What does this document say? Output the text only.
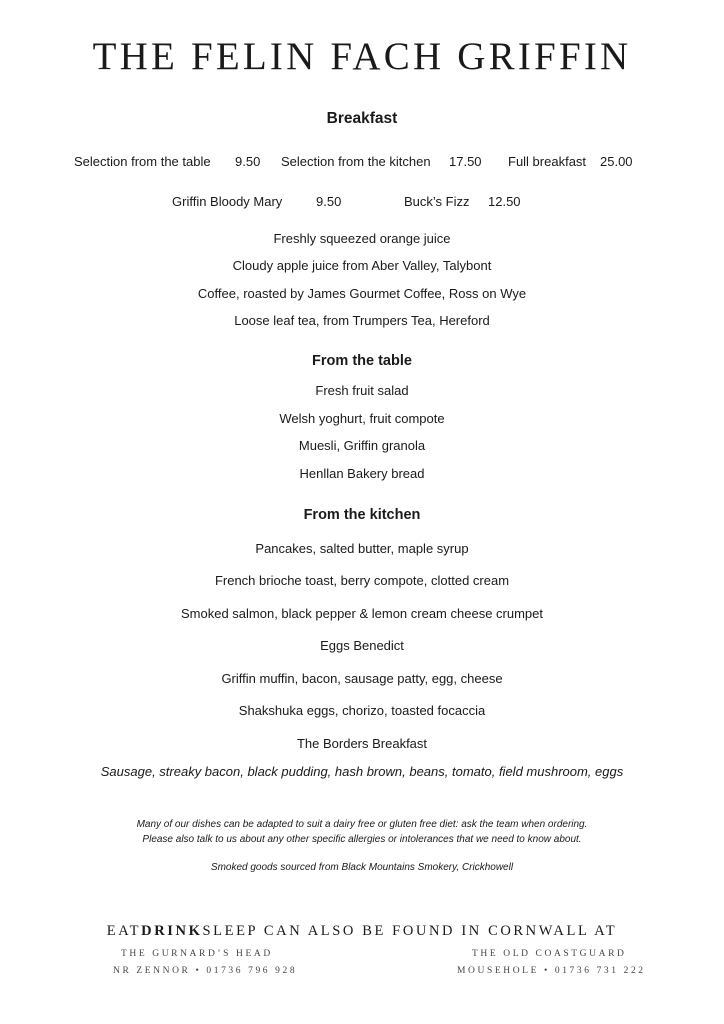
THE FELIN FACH GRIFFIN
Breakfast
Selection from the table 9.50 Selection from the kitchen 17.50 Full breakfast 25.00
Griffin Bloody Mary	9.50	Buck’s Fizz 12.50
Freshly squeezed orange juice
Cloudy apple juice from Aber Valley, Talybont
Coffee, roasted by James Gourmet Coffee, Ross on Wye
Loose leaf tea, from Trumpers Tea, Hereford
From the table
Fresh fruit salad
Welsh yoghurt, fruit compote
Muesli, Griffin granola
Henllan Bakery bread
From the kitchen
Pancakes, salted butter, maple syrup
French brioche toast, berry compote, clotted cream
Smoked salmon, black pepper & lemon cream cheese crumpet
Eggs Benedict
Griffin muffin, bacon, sausage patty, egg, cheese
Shakshuka eggs, chorizo, toasted focaccia
The Borders Breakfast
Sausage, streaky bacon, black pudding, hash brown, beans, tomato, field mushroom, eggs
Many of our dishes can be adapted to suit a dairy free or gluten free diet: ask the team when ordering.
Please also talk to us about any other specific allergies or intolerances that we need to know about.
Smoked goods sourced from Black Mountains Smokery, Crickhowell
EATDRINKSLEEP CAN ALSO BE FOUND IN CORNWALL AT
THE GURNARD’S HEAD
NR ZENNOR • 01736 796 928
THE OLD COASTGUARD
MOUSEHOLE • 01736 731 222
